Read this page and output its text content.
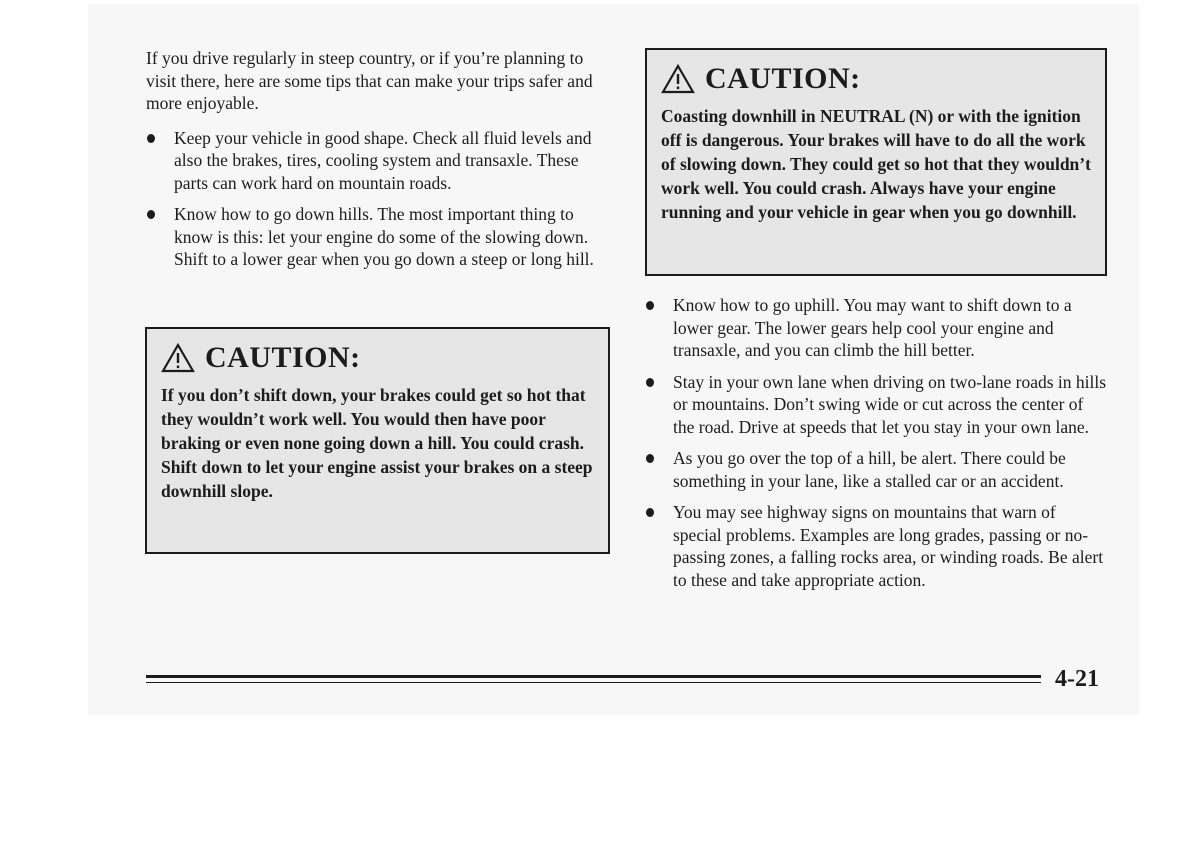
If you drive regularly in steep country, or if you’re planning to visit there, here are some tips that can make your trips safer and more enjoyable.

Keep your vehicle in good shape. Check all fluid levels and also the brakes, tires, cooling system and transaxle. These parts can work hard on mountain roads.
Know how to go down hills. The most important thing to know is this: let your engine do some of the slowing down. Shift to a lower gear when you go down a steep or long hill.
CAUTION:

If you don’t shift down, your brakes could get so hot that they wouldn’t work well. You would then have poor braking or even none going down a hill. You could crash. Shift down to let your engine assist your brakes on a steep downhill slope.

CAUTION:

Coasting downhill in NEUTRAL (N) or with the ignition off is dangerous. Your brakes will have to do all the work of slowing down. They could get so hot that they wouldn’t work well. You could crash. Always have your engine running and your vehicle in gear when you go downhill.

Know how to go uphill. You may want to shift down to a lower gear. The lower gears help cool your engine and transaxle, and you can climb the hill better.
Stay in your own lane when driving on two-lane roads in hills or mountains. Don’t swing wide or cut across the center of the road. Drive at speeds that let you stay in your own lane.
As you go over the top of a hill, be alert. There could be something in your lane, like a stalled car or an accident.
You may see highway signs on mountains that warn of special problems. Examples are long grades, passing or no-passing zones, a falling rocks area, or winding roads. Be alert to these and take appropriate action.
4-21
